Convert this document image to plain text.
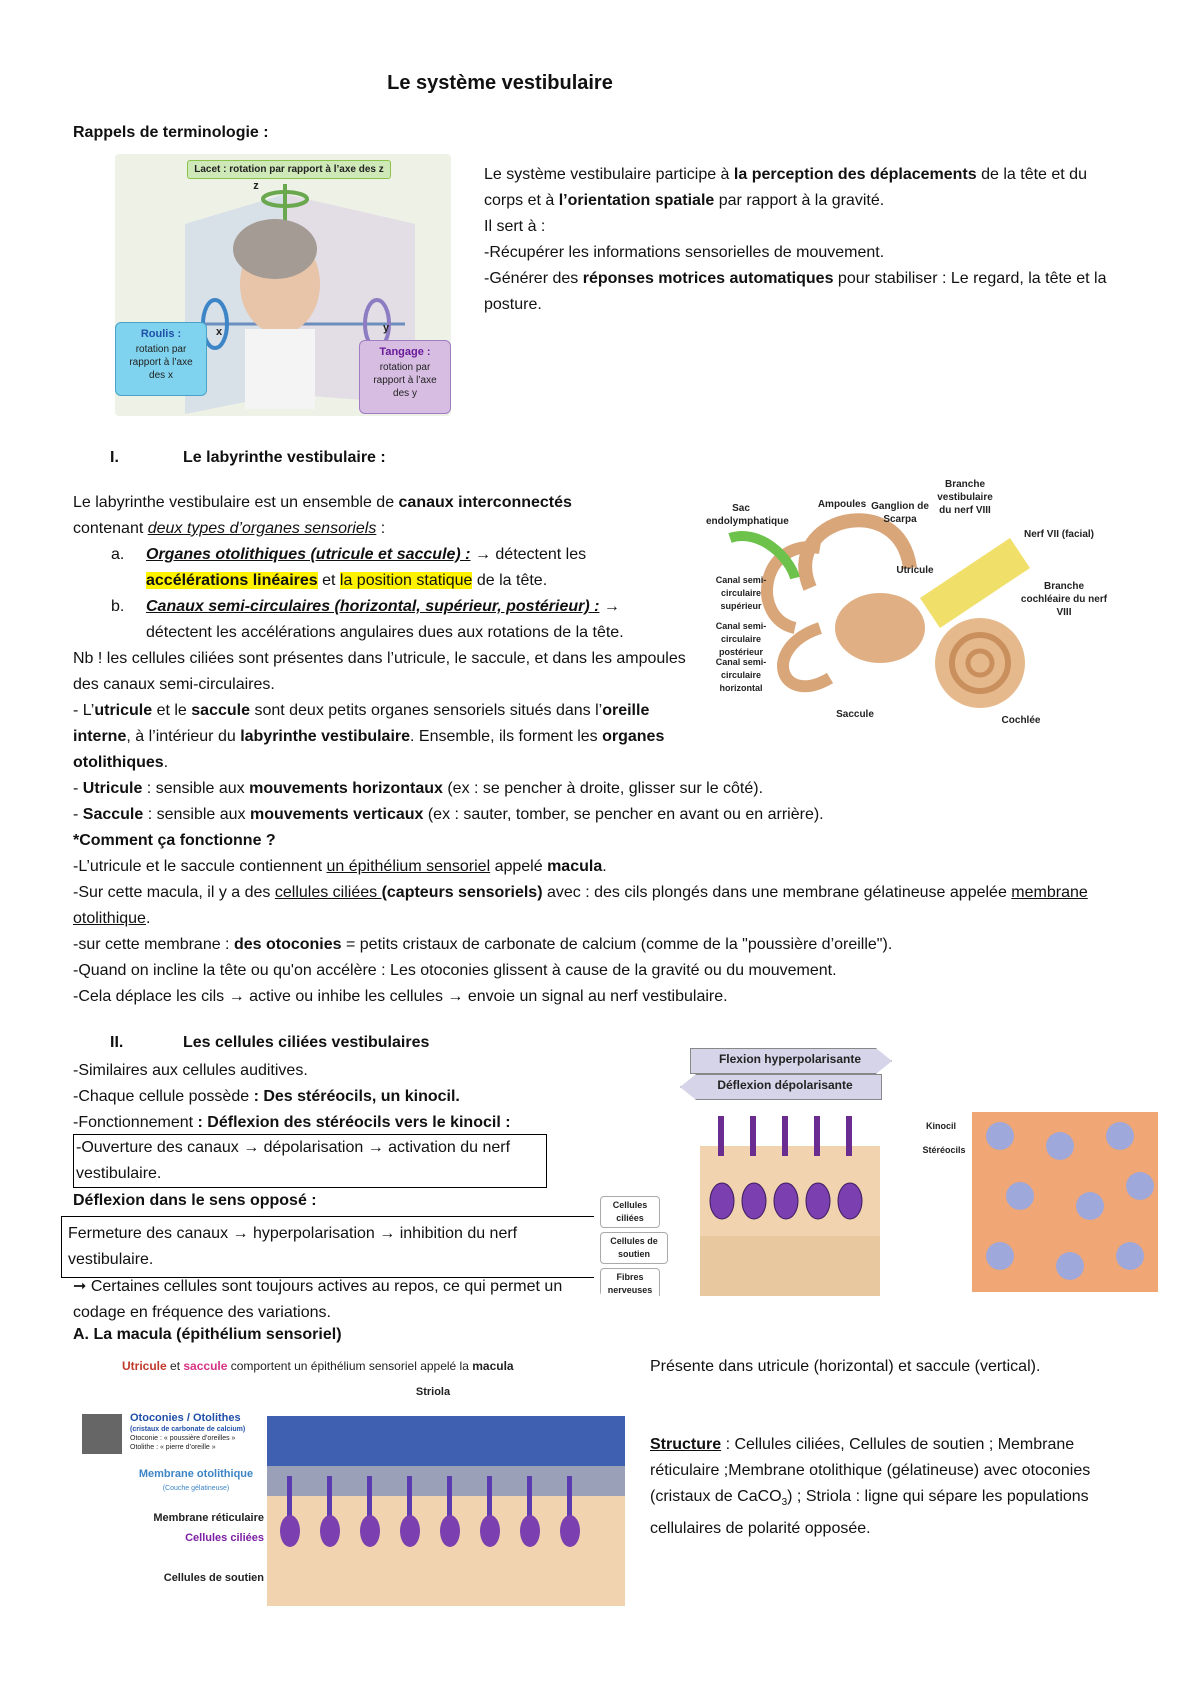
Le système vestibulaire
Rappels de terminologie :
Lacet : rotation par rapport à l’axe des z
z
x	y
Roulis :
rotation par rapport à l’axe des x
Tangage :
rotation par rapport à l’axe des y

Le système vestibulaire participe à la perception des déplacements de la tête et du corps et à l’orientation spatiale par rapport à la gravité.

Il sert à :

-Récupérer les informations sensorielles de mouvement.

-Générer des réponses motrices automatiques pour stabiliser : Le regard, la tête et la posture.

I.	Le labyrinthe vestibulaire :

Le labyrinthe vestibulaire est un ensemble de canaux interconnectés

contenant deux types d’organes sensoriels :

a. Organes otolithiques (utricule et saccule) : → détectent les
accélérations linéaires et la position statique de la tête.
b. Canaux semi-circulaires (horizontal, supérieur, postérieur) : →
détectent les accélérations angulaires dues aux rotations de la tête.

Nb ! les cellules ciliées sont présentes dans l’utricule, le saccule, et dans les ampoules des canaux semi-circulaires.

- L’utricule et le saccule sont deux petits organes sensoriels situés dans l’oreille interne, à l’intérieur du labyrinthe vestibulaire. Ensemble, ils forment les organes otolithiques.

- Utricule : sensible aux mouvements horizontaux (ex : se pencher à droite, glisser sur le côté).

- Saccule : sensible aux mouvements verticaux (ex : sauter, tomber, se pencher en avant ou en arrière).

*Comment ça fonctionne ?

-L’utricule et le saccule contiennent un épithélium sensoriel appelé macula.

-Sur cette macula, il y a des cellules ciliées (capteurs sensoriels) avec : des cils plongés dans une membrane gélatineuse appelée membrane otolithique.

-sur cette membrane : des otoconies = petits cristaux de carbonate de calcium (comme de la "poussière d’oreille").

-Quand on incline la tête ou qu'on accélère : Les otoconies glissent à cause de la gravité ou du mouvement.

-Cela déplace les cils → active ou inhibe les cellules → envoie un signal au nerf vestibulaire.

Sac endolymphatique
Ampoules Ganglion de Scarpa
Branche vestibulaire du nerf VIII
Nerf VII (facial)
Utricule
Canal semi-circulaire supérieur
Canal semi-circulaire postérieur
Canal semi-circulaire horizontal
Branche cochléaire du nerf VIII
Saccule
Cochlée
II.	Les cellules ciliées vestibulaires

-Similaires aux cellules auditives.

-Chaque cellule possède : Des stéréocils, un kinocil.

-Fonctionnement : Déflexion des stéréocils vers le kinocil :

-Ouverture des canaux → dépolarisation → activation du nerf vestibulaire.
Déflexion dans le sens opposé :
Fermeture des canaux → hyperpolarisation → inhibition du nerf vestibulaire.
➞ Certaines cellules sont toujours actives au repos, ce qui permet un codage en fréquence des variations.
Flexion hyperpolarisante
Déflexion dépolarisante
Kinocil
Stéréocils
Cellules ciliées
Cellules de soutien
Fibres nerveuses
A. La macula (épithélium sensoriel)
Utricule et saccule comportent un épithélium sensoriel appelé la macula
Striola
Otoconies / Otolithes
(cristaux de carbonate de calcium)
Otoconie : « poussière d’oreilles »
Otolithe : « pierre d’oreille »
Membrane otolithique
(Couche gélatineuse)
Membrane réticulaire
Cellules ciliées
Cellules de soutien
Présente dans utricule (horizontal) et saccule (vertical).
Structure : Cellules ciliées, Cellules de soutien ; Membrane réticulaire ;Membrane otolithique (gélatineuse) avec otoconies (cristaux de CaCO$_3$) ; Striola : ligne qui sépare les populations cellulaires de polarité opposée.
